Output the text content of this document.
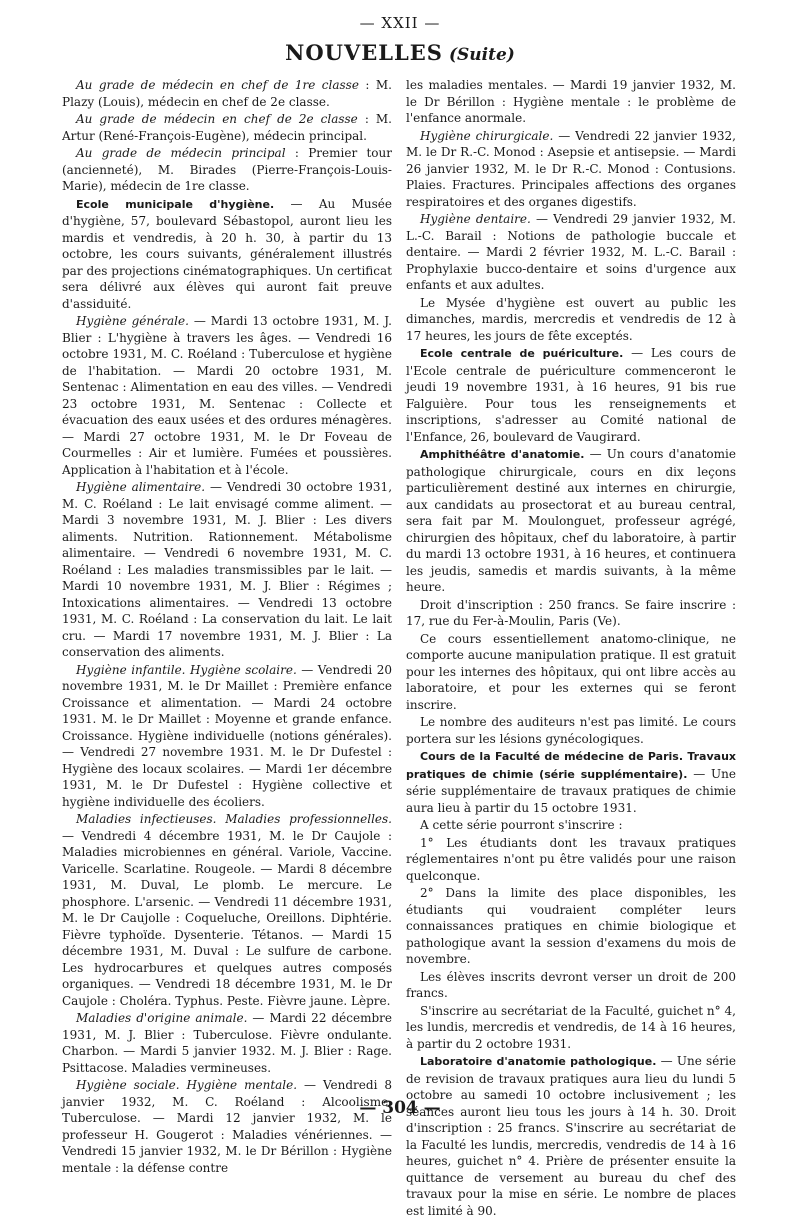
— XXII —
NOUVELLES (Suite)

Au grade de médecin en chef de 1re classe : M. Plazy (Louis), médecin en chef de 2e classe.

Au grade de médecin en chef de 2e classe : M. Artur (René-François-Eugène), médecin principal.

Au grade de médecin principal : Premier tour (ancienneté), M. Birades (Pierre-François-Louis-Marie), médecin de 1re classe.

Ecole municipale d'hygiène. — Au Musée d'hygiène, 57, boulevard Sébastopol, auront lieu les mardis et vendredis, à 20 h. 30, à partir du 13 octobre, les cours suivants, généralement illustrés par des projections cinématographiques. Un certificat sera délivré aux élèves qui auront fait preuve d'assiduité.

Hygiène générale. — Mardi 13 octobre 1931, M. J. Blier : L'hygiène à travers les âges. — Vendredi 16 octobre 1931, M. C. Roéland : Tuberculose et hygiène de l'habitation. — Mardi 20 octobre 1931, M. Sentenac : Alimentation en eau des villes. — Vendredi 23 octobre 1931, M. Sentenac : Collecte et évacuation des eaux usées et des ordures ménagères. — Mardi 27 octobre 1931, M. le Dr Foveau de Courmelles : Air et lumière. Fumées et poussières. Application à l'habitation et à l'école.

Hygiène alimentaire. — Vendredi 30 octobre 1931, M. C. Roéland : Le lait envisagé comme aliment. — Mardi 3 novembre 1931, M. J. Blier : Les divers aliments. Nutrition. Rationnement. Métabolisme alimentaire. — Vendredi 6 novembre 1931, M. C. Roéland : Les maladies transmissibles par le lait. — Mardi 10 novembre 1931, M. J. Blier : Régimes ; Intoxications alimentaires. — Vendredi 13 octobre 1931, M. C. Roéland : La conservation du lait. Le lait cru. — Mardi 17 novembre 1931, M. J. Blier : La conservation des aliments.

Hygiène infantile. Hygiène scolaire. — Vendredi 20 novembre 1931, M. le Dr Maillet : Première enfance Croissance et alimentation. — Mardi 24 octobre 1931. M. le Dr Maillet : Moyenne et grande enfance. Croissance. Hygiène individuelle (notions générales). — Vendredi 27 novembre 1931. M. le Dr Dufestel : Hygiène des locaux scolaires. — Mardi 1er décembre 1931, M. le Dr Dufestel : Hygiène collective et hygiène individuelle des écoliers.

Maladies infectieuses. Maladies professionnelles. — Vendredi 4 décembre 1931, M. le Dr Caujole : Maladies microbiennes en général. Variole, Vaccine. Varicelle. Scarlatine. Rougeole. — Mardi 8 décembre 1931, M. Duval, Le plomb. Le mercure. Le phosphore. L'arsenic. — Vendredi 11 décembre 1931, M. le Dr Caujolle : Coqueluche, Oreillons. Diphtérie. Fièvre typhoïde. Dysenterie. Tétanos. — Mardi 15 décembre 1931, M. Duval : Le sulfure de carbone. Les hydrocarbures et quelques autres composés organiques. — Vendredi 18 décembre 1931, M. le Dr Caujole : Choléra. Typhus. Peste. Fièvre jaune. Lèpre.

Maladies d'origine animale. — Mardi 22 décembre 1931, M. J. Blier : Tuberculose. Fièvre ondulante. Charbon. — Mardi 5 janvier 1932. M. J. Blier : Rage. Psittacose. Maladies vermineuses.

Hygiène sociale. Hygiène mentale. — Vendredi 8 janvier 1932, M. C. Roéland : Alcoolisme. Tuberculose. — Mardi 12 janvier 1932, M. le professeur H. Gougerot : Maladies vénériennes. — Vendredi 15 janvier 1932, M. le Dr Bérillon : Hygiène mentale : la défense contre

les maladies mentales. — Mardi 19 janvier 1932, M. le Dr Bérillon : Hygiène mentale : le problème de l'enfance anormale.

Hygiène chirurgicale. — Vendredi 22 janvier 1932, M. le Dr R.-C. Monod : Asepsie et antisepsie. — Mardi 26 janvier 1932, M. le Dr R.-C. Monod : Contusions. Plaies. Fractures. Principales affections des organes respiratoires et des organes digestifs.

Hygiène dentaire. — Vendredi 29 janvier 1932, M. L.-C. Barail : Notions de pathologie buccale et dentaire. — Mardi 2 février 1932, M. L.-C. Barail : Prophylaxie bucco-dentaire et soins d'urgence aux enfants et aux adultes.

Le Mysée d'hygiène est ouvert au public les dimanches, mardis, mercredis et vendredis de 12 à 17 heures, les jours de fête exceptés.

Ecole centrale de puériculture. — Les cours de l'Ecole centrale de puériculture commenceront le jeudi 19 novembre 1931, à 16 heures, 91 bis rue Falguière. Pour tous les renseignements et inscriptions, s'adresser au Comité national de l'Enfance, 26, boulevard de Vaugirard.

Amphithéâtre d'anatomie. — Un cours d'anatomie pathologique chirurgicale, cours en dix leçons particulièrement destiné aux internes en chirurgie, aux candidats au prosectorat et au bureau central, sera fait par M. Moulonguet, professeur agrégé, chirurgien des hôpitaux, chef du laboratoire, à partir du mardi 13 octobre 1931, à 16 heures, et continuera les jeudis, samedis et mardis suivants, à la même heure.

Droit d'inscription : 250 francs. Se faire inscrire : 17, rue du Fer-à-Moulin, Paris (Ve).

Ce cours essentiellement anatomo-clinique, ne comporte aucune manipulation pratique. Il est gratuit pour les internes des hôpitaux, qui ont libre accès au laboratoire, et pour les externes qui se feront inscrire.

Le nombre des auditeurs n'est pas limité. Le cours portera sur les lésions gynécologiques.

Cours de la Faculté de médecine de Paris. Travaux pratiques de chimie (série supplémentaire). — Une série supplémentaire de travaux pratiques de chimie aura lieu à partir du 15 octobre 1931.

A cette série pourront s'inscrire :

1° Les étudiants dont les travaux pratiques réglementaires n'ont pu être validés pour une raison quelconque.

2° Dans la limite des place disponibles, les étudiants qui voudraient compléter leurs connaissances pratiques en chimie biologique et pathologique avant la session d'examens du mois de novembre.

Les élèves inscrits devront verser un droit de 200 francs.

S'inscrire au secrétariat de la Faculté, guichet n° 4, les lundis, mercredis et vendredis, de 14 à 16 heures, à partir du 2 octobre 1931.

Laboratoire d'anatomie pathologique. — Une série de revision de travaux pratiques aura lieu du lundi 5 octobre au samedi 10 octobre inclusivement ; les séances auront lieu tous les jours à 14 h. 30. Droit d'inscription : 25 francs. S'inscrire au secrétariat de la Faculté les lundis, mercredis, vendredis de 14 à 16 heures, guichet n° 4. Prière de présenter ensuite la quittance de versement au bureau du chef des travaux pour la mise en série. Le nombre de places est limité à 90.

— 304 —
